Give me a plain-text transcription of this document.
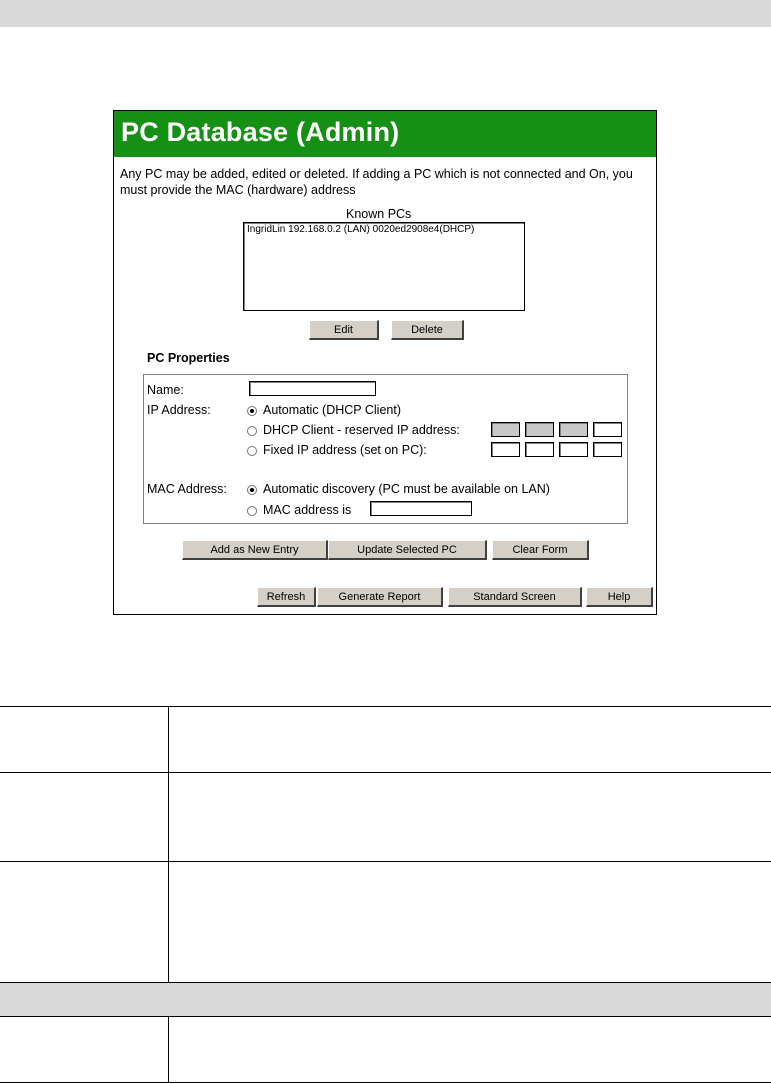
PC Database (Admin)
Any PC may be added, edited or deleted. If adding a PC which is not connected and On, you must provide the MAC (hardware) address
Known PCs
IngridLin 192.168.0.2 (LAN) 0020ed2908e4(DHCP)
Edit	Delete
PC Properties
Name:
IP Address:	Automatic (DHCP Client)
DHCP Client - reserved IP address:
Fixed IP address (set on PC):
MAC Address:	Automatic discovery (PC must be available on LAN)
MAC address is
Add as New Entry	Update Selected PC	Clear Form
Refresh	Generate Report	Standard Screen	Help
